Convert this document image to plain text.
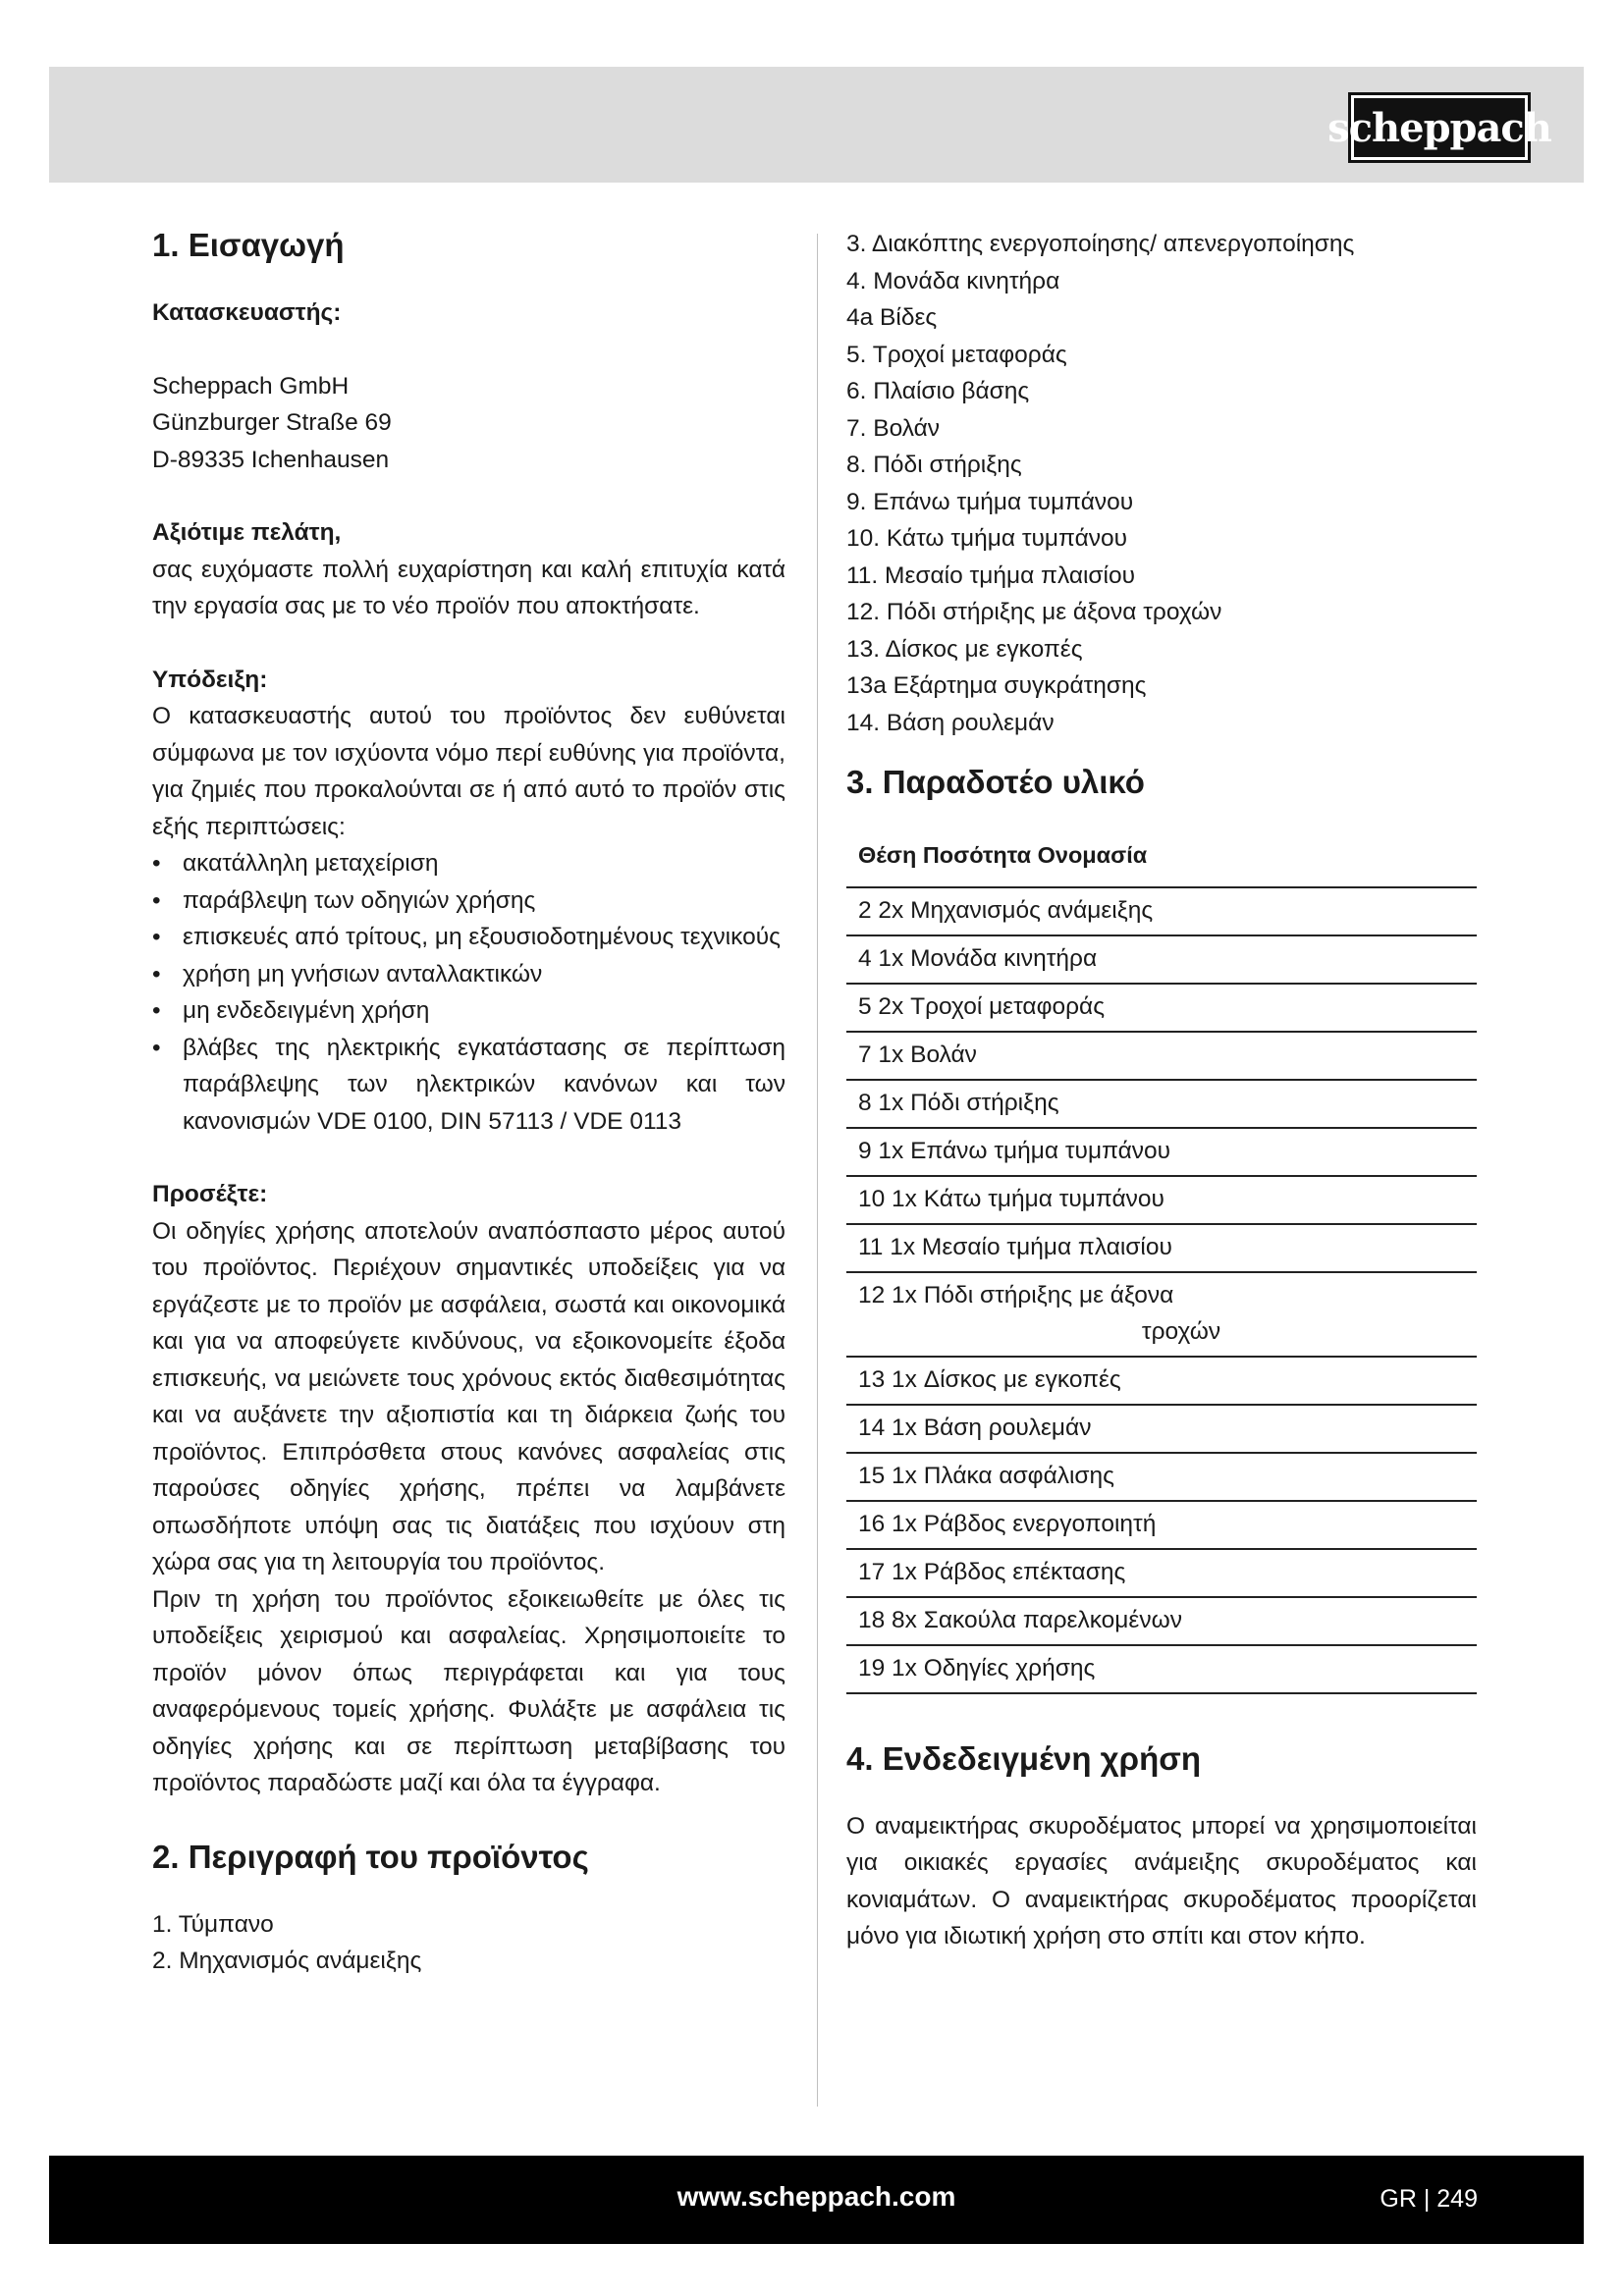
scheppach
1. Εισαγωγή

Κατασκευαστής:

Scheppach GmbH

Günzburger Straße 69

D-89335 Ichenhausen

Αξιότιμε πελάτη,

σας ευχόμαστε πολλή ευχαρίστηση και καλή επιτυχία κατά την εργασία σας με το νέο προϊόν που αποκτήσατε.

Υπόδειξη:

Ο κατασκευαστής αυτού του προϊόντος δεν ευθύνεται σύμφωνα με τον ισχύοντα νόμο περί ευθύνης για προϊόντα, για ζημιές που προκαλούνται σε ή από αυτό το προϊόν στις εξής περιπτώσεις:

• ακατάλληλη μεταχείριση
• παράβλεψη των οδηγιών χρήσης
• επισκευές από τρίτους, μη εξουσιοδοτημένους τεχνικούς
• χρήση μη γνήσιων ανταλλακτικών
• μη ενδεδειγμένη χρήση
• βλάβες της ηλεκτρικής εγκατάστασης σε περίπτωση παράβλεψης των ηλεκτρικών κανόνων και των κανονισμών VDE 0100, DIN 57113 / VDE 0113

Προσέξτε:

Οι οδηγίες χρήσης αποτελούν αναπόσπαστο μέρος αυτού του προϊόντος. Περιέχουν σημαντικές υποδείξεις για να εργάζεστε με το προϊόν με ασφάλεια, σωστά και οικονομικά και για να αποφεύγετε κινδύνους, να εξοικονομείτε έξοδα επισκευής, να μειώνετε τους χρόνους εκτός διαθεσιμότητας και να αυξάνετε την αξιοπιστία και τη διάρκεια ζωής του προϊόντος. Επιπρόσθετα στους κανόνες ασφαλείας στις παρούσες οδηγίες χρήσης, πρέπει να λαμβάνετε οπωσδήποτε υπόψη σας τις διατάξεις που ισχύουν στη χώρα σας για τη λειτουργία του προϊόντος.

Πριν τη χρήση του προϊόντος εξοικειωθείτε με όλες τις υποδείξεις χειρισμού και ασφαλείας. Χρησιμοποιείτε το προϊόν μόνον όπως περιγράφεται και για τους αναφερόμενους τομείς χρήσης. Φυλάξτε με ασφάλεια τις οδηγίες χρήσης και σε περίπτωση μεταβίβασης του προϊόντος παραδώστε μαζί και όλα τα έγγραφα.

2. Περιγραφή του προϊόντος

1. Τύμπανο

2. Μηχανισμός ανάμειξης

3. Διακόπτης ενεργοποίησης/ απενεργοποίησης

4. Μονάδα κινητήρα

4a Βίδες

5. Τροχοί μεταφοράς

6. Πλαίσιο βάσης

7. Βολάν

8. Πόδι στήριξης

9. Επάνω τμήμα τυμπάνου

10. Κάτω τμήμα τυμπάνου

11. Μεσαίο τμήμα πλαισίου

12. Πόδι στήριξης με άξονα τροχών

13. Δίσκος με εγκοπές

13a Εξάρτημα συγκράτησης

14. Βάση ρουλεμάν

3. Παραδοτέο υλικό
Θέση Ποσότητα Ονομασία
2 2x Μηχανισμός ανάμειξης
4 1x Μονάδα κινητήρα
5 2x Τροχοί μεταφοράς
7 1x Βολάν
8 1x Πόδι στήριξης
9 1x Επάνω τμήμα τυμπάνου
10 1x Κάτω τμήμα τυμπάνου
11 1x Μεσαίο τμήμα πλαισίου
12 1x Πόδι στήριξης με άξονα
τροχών
13 1x Δίσκος με εγκοπές
14 1x Βάση ρουλεμάν
15 1x Πλάκα ασφάλισης
16 1x Ράβδος ενεργοποιητή
17 1x Ράβδος επέκτασης
18 8x Σακούλα παρελκομένων
19 1x Οδηγίες χρήσης
4. Ενδεδειγμένη χρήση

Ο αναμεικτήρας σκυροδέματος μπορεί να χρησιμοποιείται για οικιακές εργασίες ανάμειξης σκυροδέματος και κονιαμάτων. Ο αναμεικτήρας σκυροδέματος προορίζεται μόνο για ιδιωτική χρήση στο σπίτι και στον κήπο.

www.scheppach.com	GR | 249
